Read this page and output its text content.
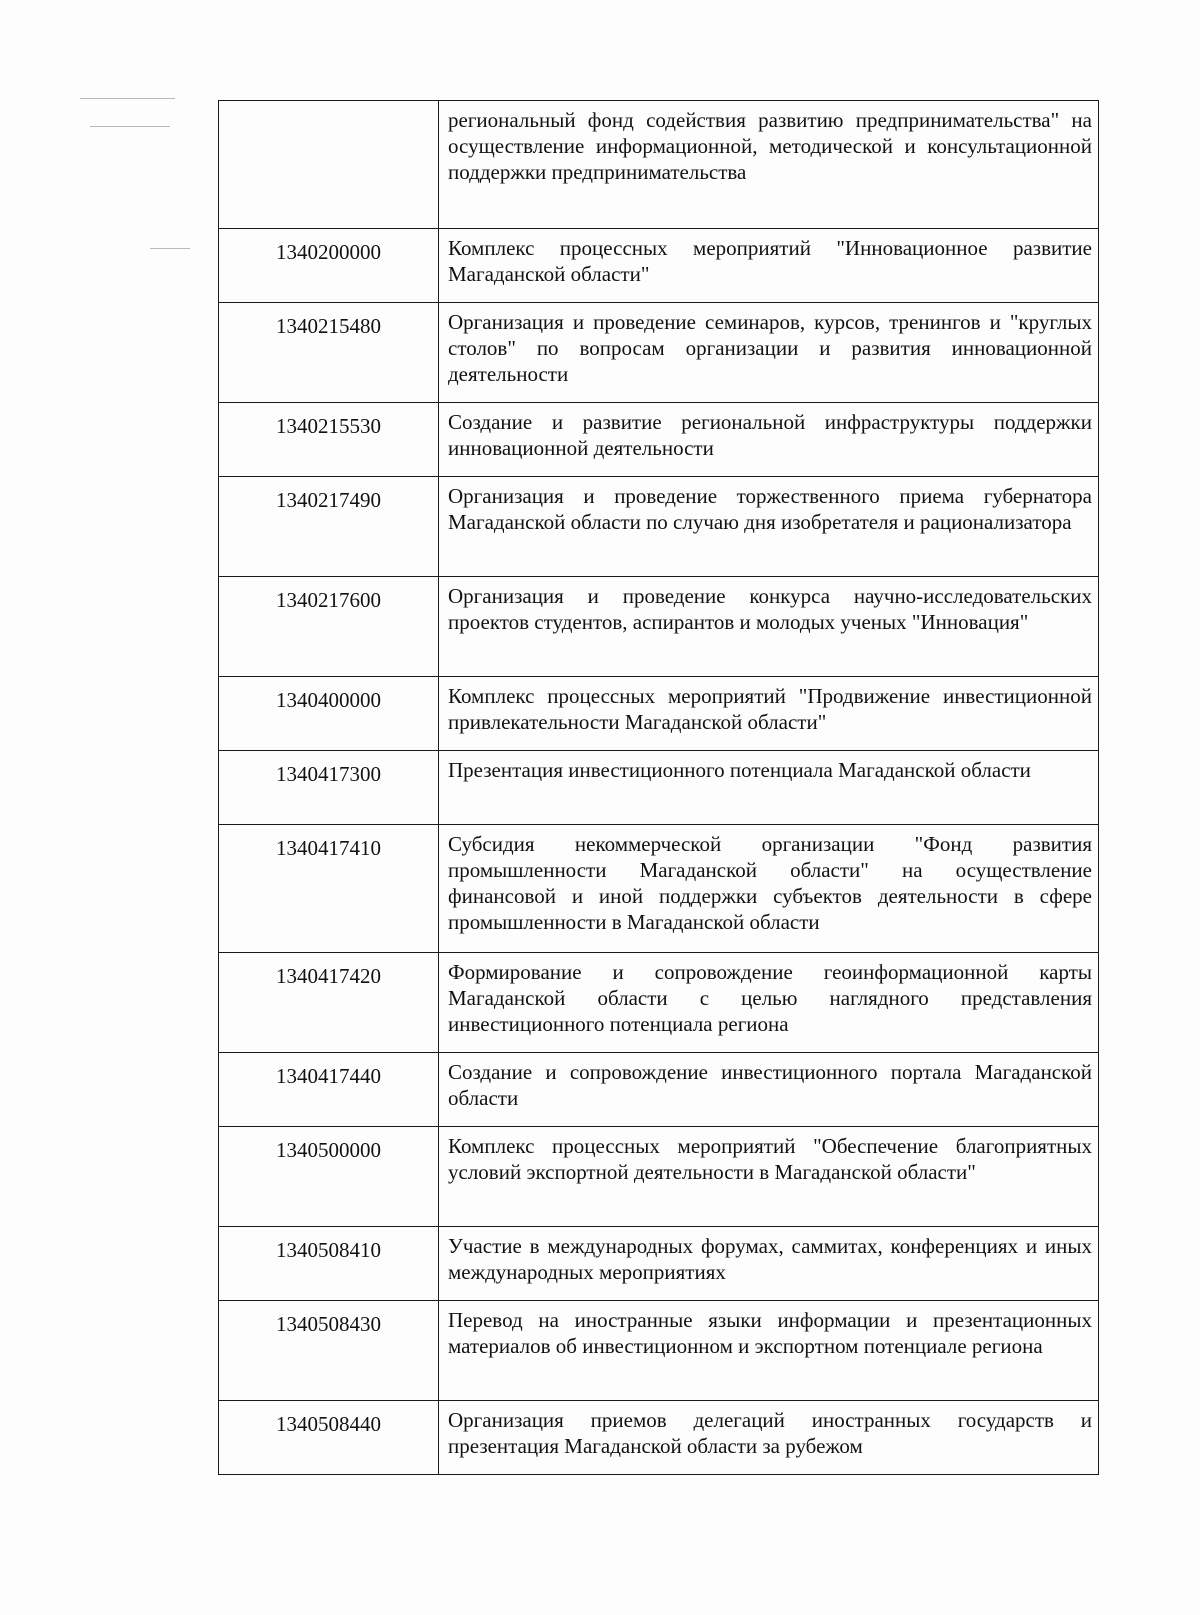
	региональный фонд содействия развитию предпринимательства" на осуществление информационной, методической и консультационной поддержки предпринимательства
1340200000	Комплекс процессных мероприятий "Инновационное развитие Магаданской области"
1340215480	Организация и проведение семинаров, курсов, тренингов и "круглых столов" по вопросам организации и развития инновационной деятельности
1340215530	Создание и развитие региональной инфраструктуры поддержки инновационной деятельности
1340217490	Организация и проведение торжественного приема губернатора Магаданской области по случаю дня изобретателя и рационализатора
1340217600	Организация и проведение конкурса научно-исследовательских проектов студентов, аспирантов и молодых ученых "Инновация"
1340400000	Комплекс процессных мероприятий "Продвижение инвестиционной привлекательности Магаданской области"
1340417300	Презентация инвестиционного потенциала Магаданской области
1340417410	Субсидия некоммерческой организации "Фонд развития промышленности Магаданской области" на осуществление финансовой и иной поддержки субъектов деятельности в сфере промышленности в Магаданской области
1340417420	Формирование и сопровождение геоинформационной карты Магаданской области с целью наглядного представления инвестиционного потенциала региона
1340417440	Создание и сопровождение инвестиционного портала Магаданской области
1340500000	Комплекс процессных мероприятий "Обеспечение благоприятных условий экспортной деятельности в Магаданской области"
1340508410	Участие в международных форумах, саммитах, конференциях и иных международных мероприятиях
1340508430	Перевод на иностранные языки информации и презентационных материалов об инвестиционном и экспортном потенциале региона
1340508440	Организация приемов делегаций иностранных государств и презентация Магаданской области за рубежом
